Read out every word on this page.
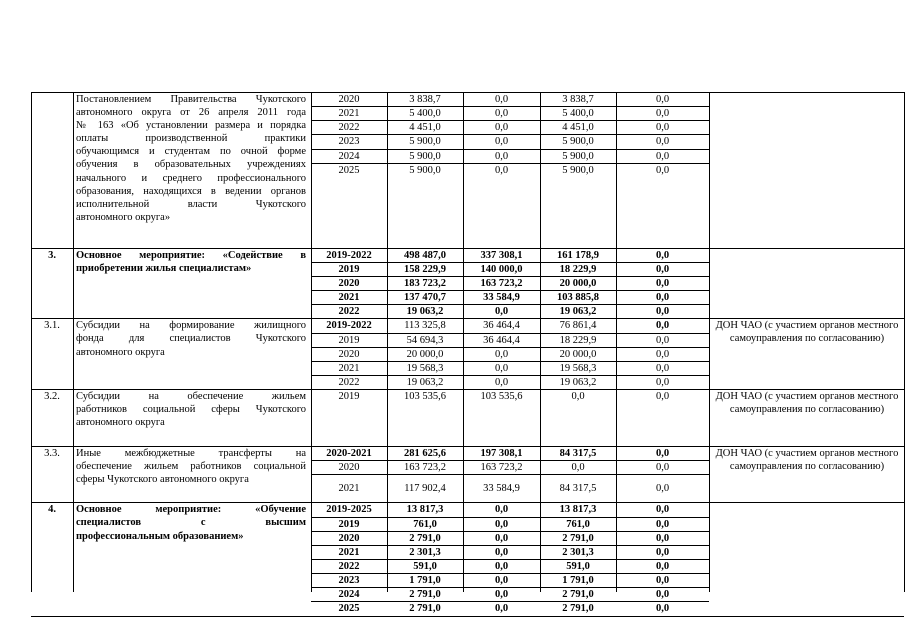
Постановлением Правительства Чукотского
автономного округа от 26 апреля 2011 года
№ 163 «Об установлении размера и порядка
оплаты производственной практики
обучающимся и студентам по очной форме
обучения в образовательных учреждениях
начального и среднего профессионального
образования, находящихся в ведении органов
исполнительной власти Чукотского
автономного округа»
2020	3 838,7	0,0	3 838,7	0,0
2021	5 400,0	0,0	5 400,0	0,0
2022	4 451,0	0,0	4 451,0	0,0
2023	5 900,0	0,0	5 900,0	0,0
2024	5 900,0	0,0	5 900,0	0,0
2025	5 900,0	0,0	5 900,0	0,0
3.	Основное мероприятие: «Содействие в
приобретении жилья специалистам»
2019-2022	498 487,0	337 308,1	161 178,9	0,0
2019	158 229,9	140 000,0	18 229,9	0,0
2020	183 723,2	163 723,2	20 000,0	0,0
2021	137 470,7	33 584,9	103 885,8	0,0
2022	19 063,2	0,0	19 063,2	0,0
3.1.	Субсидии на формирование жилищного
фонда для специалистов Чукотского
автономного округа
ДОН ЧАО (с участием органов местного самоуправления по согласованию)
2019-2022	113 325,8	36 464,4	76 861,4	0,0
2019	54 694,3	36 464,4	18 229,9	0,0
2020	20 000,0	0,0	20 000,0	0,0
2021	19 568,3	0,0	19 568,3	0,0
2022	19 063,2	0,0	19 063,2	0,0
3.2.	Субсидии на обеспечение жильем
работников социальной сферы Чукотского
автономного округа
ДОН ЧАО (с участием органов местного самоуправления по согласованию)
2019	103 535,6	103 535,6	0,0	0,0
3.3.	Иные межбюджетные трансферты на
обеспечение жильем работников социальной
сферы Чукотского автономного округа
ДОН ЧАО (с участием органов местного самоуправления по согласованию)
2020-2021	281 625,6	197 308,1	84 317,5	0,0
2020	163 723,2	163 723,2	0,0	0,0
2021	117 902,4	33 584,9	84 317,5	0,0
4.	Основное мероприятие: «Обучение
специалистов с высшим
профессиональным образованием»
2019-2025	13 817,3	0,0	13 817,3	0,0
2019	761,0	0,0	761,0	0,0
2020	2 791,0	0,0	2 791,0	0,0
2021	2 301,3	0,0	2 301,3	0,0
2022	591,0	0,0	591,0	0,0
2023	1 791,0	0,0	1 791,0	0,0
2024	2 791,0	0,0	2 791,0	0,0
2025	2 791,0	0,0	2 791,0	0,0
